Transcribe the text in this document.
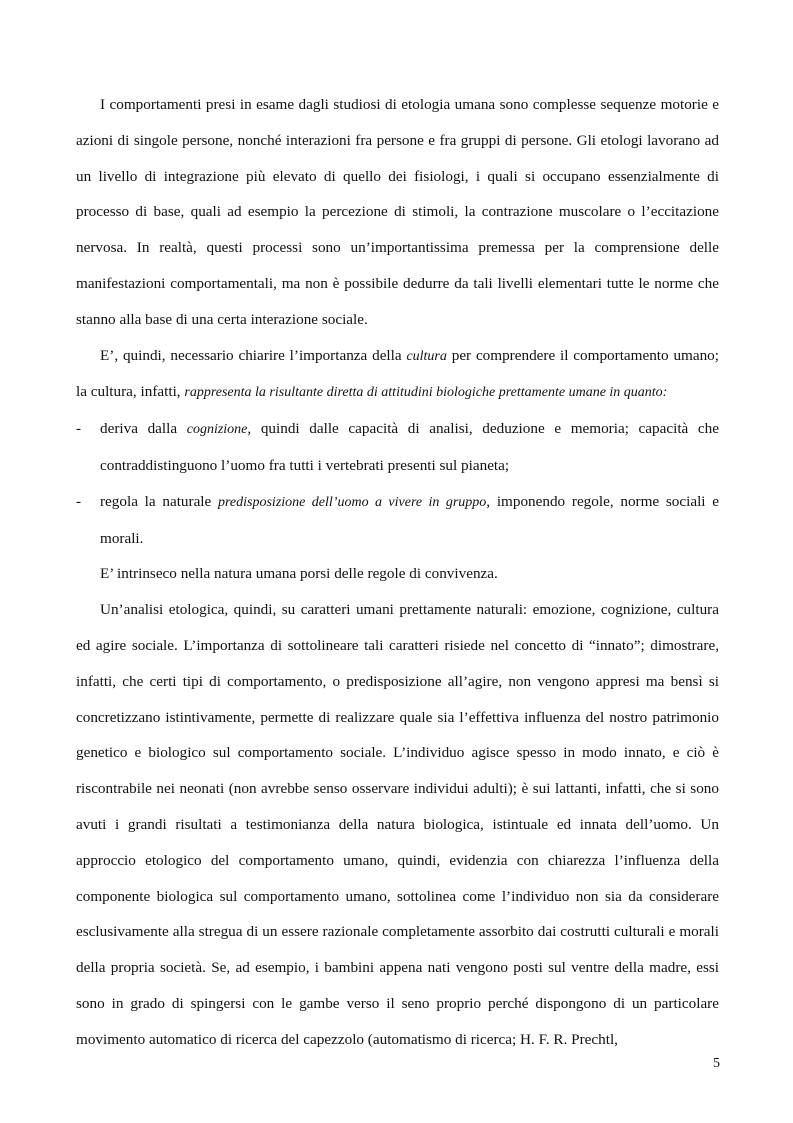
I comportamenti presi in esame dagli studiosi di etologia umana sono complesse sequenze motorie e azioni di singole persone, nonché interazioni fra persone e fra gruppi di persone. Gli etologi lavorano ad un livello di integrazione più elevato di quello dei fisiologi, i quali si occupano essenzialmente di processo di base, quali ad esempio la percezione di stimoli, la contrazione muscolare o l’eccitazione nervosa. In realtà, questi processi sono un’importantissima premessa per la comprensione delle manifestazioni comportamentali, ma non è possibile dedurre da tali livelli elementari tutte le norme che stanno alla base di una certa interazione sociale.

E’, quindi, necessario chiarire l’importanza della cultura per comprendere il comportamento umano; la cultura, infatti, rappresenta la risultante diretta di attitudini biologiche prettamente umane in quanto:

- deriva dalla cognizione, quindi dalle capacità di analisi, deduzione e memoria; capacità che contraddistinguono l’uomo fra tutti i vertebrati presenti sul pianeta;
- regola la naturale predisposizione dell’uomo a vivere in gruppo, imponendo regole, norme sociali e morali.

E’ intrinseco nella natura umana porsi delle regole di convivenza.

Un’analisi etologica, quindi, su caratteri umani prettamente naturali: emozione, cognizione, cultura ed agire sociale. L’importanza di sottolineare tali caratteri risiede nel concetto di “innato”; dimostrare, infatti, che certi tipi di comportamento, o predisposizione all’agire, non vengono appresi ma bensì si concretizzano istintivamente, permette di realizzare quale sia l’effettiva influenza del nostro patrimonio genetico e biologico sul comportamento sociale. L’individuo agisce spesso in modo innato, e ciò è riscontrabile nei neonati (non avrebbe senso osservare individui adulti); è sui lattanti, infatti, che si sono avuti i grandi risultati a testimonianza della natura biologica, istintuale ed innata dell’uomo. Un approccio etologico del comportamento umano, quindi, evidenzia con chiarezza l’influenza della componente biologica sul comportamento umano, sottolinea come l’individuo non sia da considerare esclusivamente alla stregua di un essere razionale completamente assorbito dai costrutti culturali e morali della propria società. Se, ad esempio, i bambini appena nati vengono posti sul ventre della madre, essi sono in grado di spingersi con le gambe verso il seno proprio perché dispongono di un particolare movimento automatico di ricerca del capezzolo (automatismo di ricerca; H. F. R. Prechtl,

5
